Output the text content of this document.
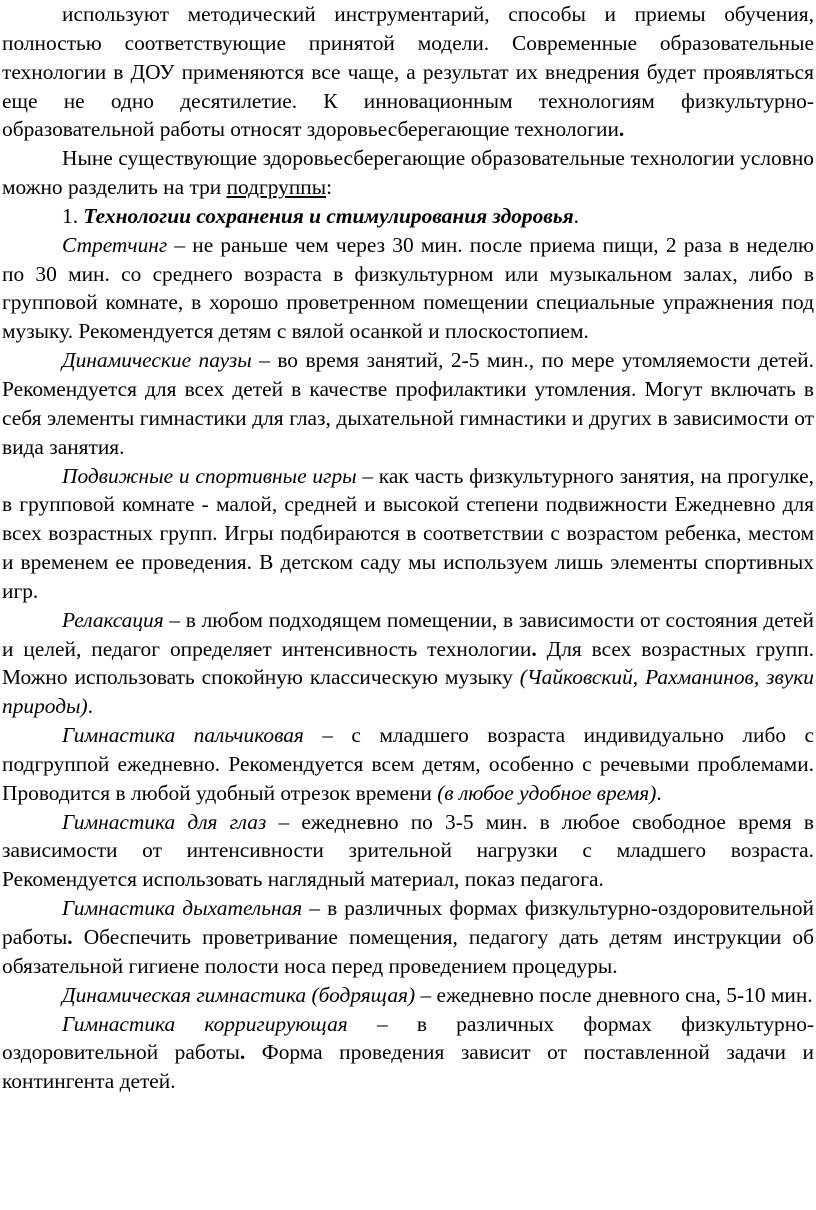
используют методический инструментарий, способы и приемы обучения, полностью соответствующие принятой модели. Современные образовательные технологии в ДОУ применяются все чаще, а результат их внедрения будет проявляться еще не одно десятилетие. К инновационным технологиям физкультурно-образовательной работы относят здоровьесберегающие технологии.

Ныне существующие здоровьесберегающие образовательные технологии условно можно разделить на три подгруппы:

1. Технологии сохранения и стимулирования здоровья.

Стретчинг – не раньше чем через 30 мин. после приема пищи, 2 раза в неделю по 30 мин. со среднего возраста в физкультурном или музыкальном залах, либо в групповой комнате, в хорошо проветренном помещении специальные упражнения под музыку. Рекомендуется детям с вялой осанкой и плоскостопием.

Динамические паузы – во время занятий, 2-5 мин., по мере утомляемости детей. Рекомендуется для всех детей в качестве профилактики утомления. Могут включать в себя элементы гимнастики для глаз, дыхательной гимнастики и других в зависимости от вида занятия.

Подвижные и спортивные игры – как часть физкультурного занятия, на прогулке, в групповой комнате - малой, средней и высокой степени подвижности Ежедневно для всех возрастных групп. Игры подбираются в соответствии с возрастом ребенка, местом и временем ее проведения. В детском саду мы используем лишь элементы спортивных игр.

Релаксация – в любом подходящем помещении, в зависимости от состояния детей и целей, педагог определяет интенсивность технологии. Для всех возрастных групп. Можно использовать спокойную классическую музыку (Чайковский, Рахманинов, звуки природы).

Гимнастика пальчиковая – с младшего возраста индивидуально либо с подгруппой ежедневно. Рекомендуется всем детям, особенно с речевыми проблемами. Проводится в любой удобный отрезок времени (в любое удобное время).

Гимнастика для глаз – ежедневно по 3-5 мин. в любое свободное время в зависимости от интенсивности зрительной нагрузки с младшего возраста. Рекомендуется использовать наглядный материал, показ педагога.

Гимнастика дыхательная – в различных формах физкультурно-оздоровительной работы. Обеспечить проветривание помещения, педагогу дать детям инструкции об обязательной гигиене полости носа перед проведением процедуры.

Динамическая гимнастика (бодрящая) – ежедневно после дневного сна, 5-10 мин.

Гимнастика корригирующая – в различных формах физкультурно-оздоровительной работы. Форма проведения зависит от поставленной задачи и контингента детей.
